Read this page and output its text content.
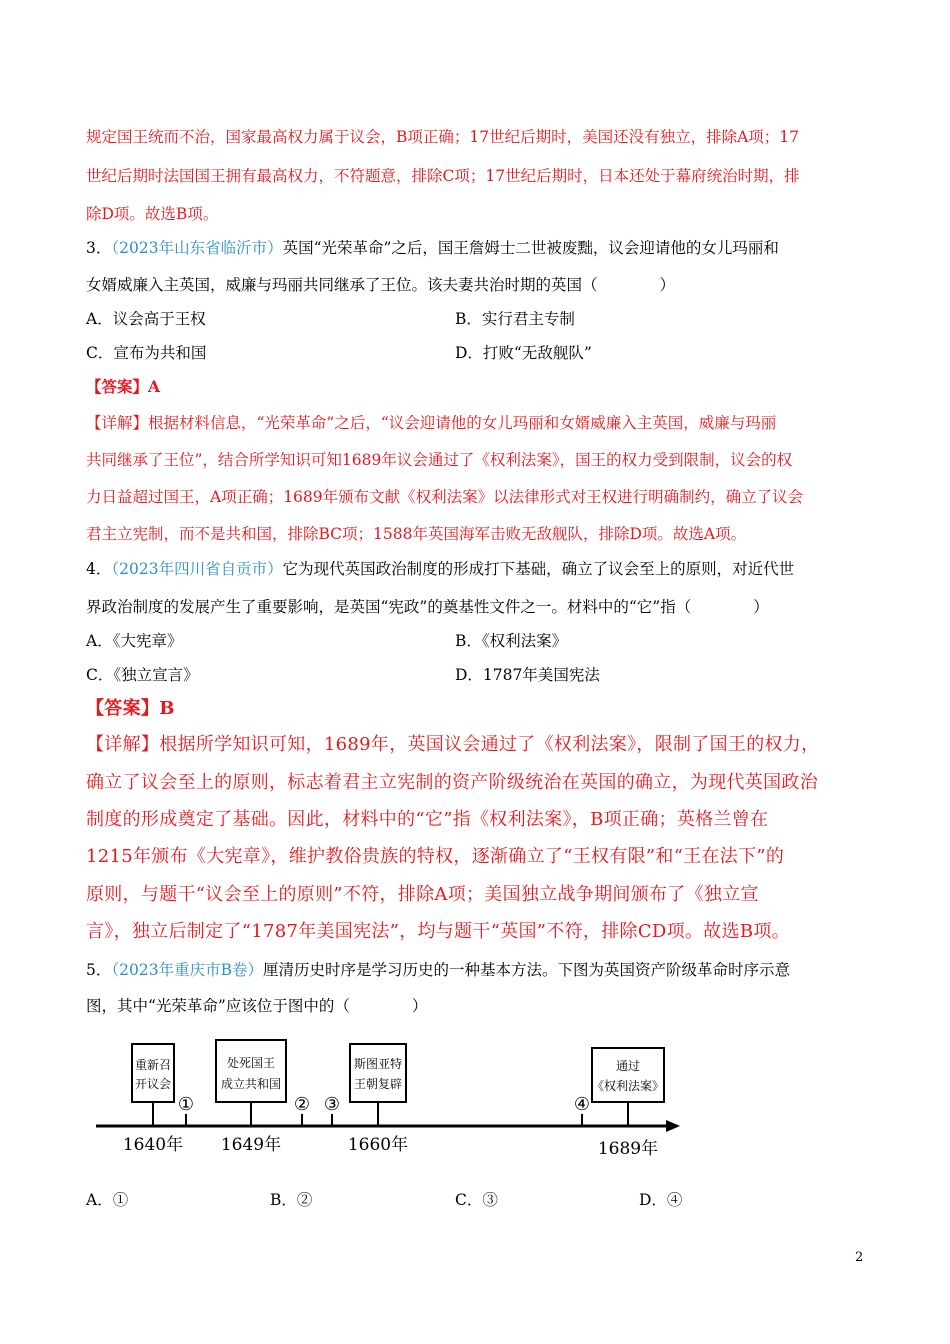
规定国王统而不治，国家最高权力属于议会，B项正确；17世纪后期时，美国还没有独立，排除A项；17
世纪后期时法国国王拥有最高权力，不符题意，排除C项；17世纪后期时，日本还处于幕府统治时期，排
除D项。故选B项。
3．（2023年山东省临沂市）英国“光荣革命”之后，国王詹姆士二世被废黜，议会迎请他的女儿玛丽和
女婿威廉入主英国，威廉与玛丽共同继承了王位。该夫妻共治时期的英国（　　　　）
A．议会高于王权	B．实行君主专制
C．宣布为共和国	D．打败“无敌舰队”
【答案】A
【详解】根据材料信息，“光荣革命”之后，“议会迎请他的女儿玛丽和女婿威廉入主英国，威廉与玛丽
共同继承了王位”，结合所学知识可知1689年议会通过了《权利法案》，国王的权力受到限制，议会的权
力日益超过国王，A项正确；1689年颁布文献《权利法案》以法律形式对王权进行明确制约，确立了议会
君主立宪制，而不是共和国，排除BC项；1588年英国海军击败无敌舰队，排除D项。故选A项。
4．（2023年四川省自贡市）它为现代英国政治制度的形成打下基础，确立了议会至上的原则，对近代世
界政治制度的发展产生了重要影响，是英国“宪政”的奠基性文件之一。材料中的“它”指（　　　　）
A．《大宪章》	B．《权利法案》
C．《独立宣言》	D．1787年美国宪法
【答案】B
【详解】根据所学知识可知，1689年，英国议会通过了《权利法案》，限制了国王的权力，
确立了议会至上的原则，标志着君主立宪制的资产阶级统治在英国的确立，为现代英国政治
制度的形成奠定了基础。因此，材料中的“它”指《权利法案》，B项正确；英格兰曾在
1215年颁布《大宪章》，维护教俗贵族的特权，逐渐确立了“王权有限”和“王在法下”的
原则，与题干“议会至上的原则”不符，排除A项；美国独立战争期间颁布了《独立宣
言》，独立后制定了“1787年美国宪法”，均与题干“英国”不符，排除CD项。故选B项。
5．（2023年重庆市B卷）厘清历史时序是学习历史的一种基本方法。下图为英国资产阶级革命时序示意
图，其中“光荣革命”应该位于图中的（　　　　）
重新召
开议会
1640年
①
处死国王
成立共和国
1649年
② ③
斯图亚特
王朝复辟
1660年
④
通过
《权利法案》
1689年
A．①	B．②	C．③	D．④
2
